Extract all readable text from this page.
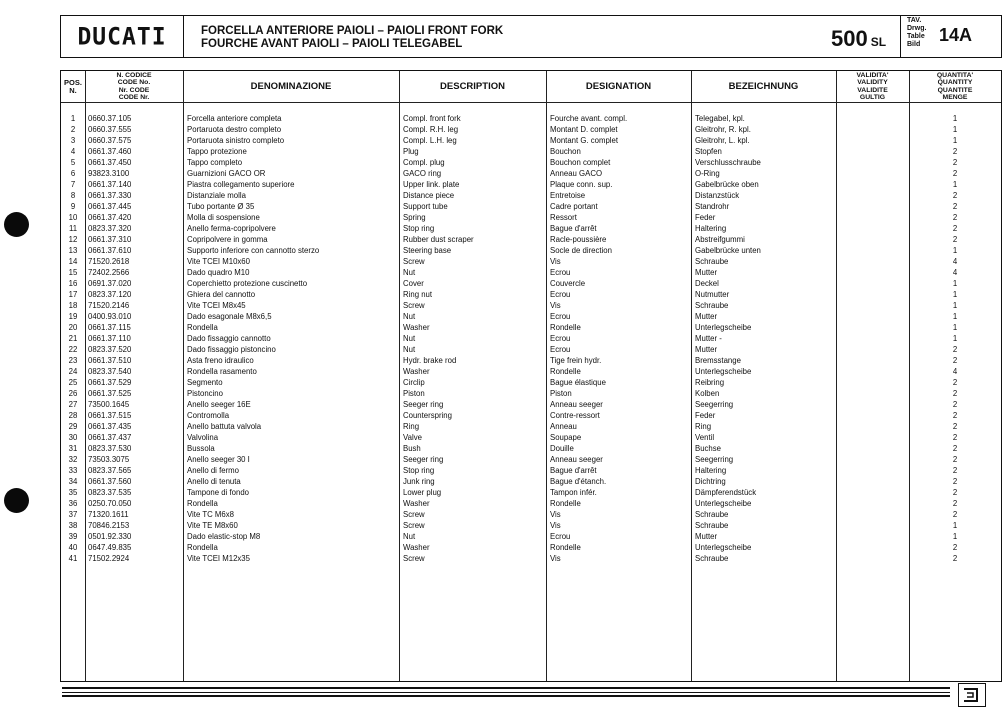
DUCATI	FORCELLA ANTERIORE PAIOLI – PAIOLI FRONT FORK
FOURCHE AVANT PAIOLI – PAIOLI TELEGABEL	500 SL
TAV.
Drwg.
Table
Bild	14A
POS.
N.
N. CODICE
CODE No.
Nr. CODE
CODE Nr.
DENOMINAZIONE	DESCRIPTION	DESIGNATION	BEZEICHNUNG
VALIDITA'
VALIDITY
VALIDITE
GULTIG
QUANTITA'
QUANTITY
QUANTITE
MENGE
1	0660.37.105	Forcella anteriore completa	Compl. front fork	Fourche avant. compl.	Telegabel, kpl.	1
2	0660.37.555	Portaruota destro completo	Compl. R.H. leg	Montant D. complet	Gleitrohr, R. kpl.	1
3	0660.37.575	Portaruota sinistro completo	Compl. L.H. leg	Montant G. complet	Gleitrohr, L. kpl.	1
4	0661.37.460	Tappo protezione	Plug	Bouchon	Stopfen	2
5	0661.37.450	Tappo completo	Compl. plug	Bouchon complet	Verschlusschraube	2
6	93823.3100	Guarnizioni GACO OR	GACO ring	Anneau GACO	O-Ring	2
7	0661.37.140	Piastra collegamento superiore	Upper link. plate	Plaque conn. sup.	Gabelbrücke oben	1
8	0661.37.330	Distanziale molla	Distance piece	Entretoise	Distanzstück	2
9	0661.37.445	Tubo portante Ø 35	Support tube	Cadre portant	Standrohr	2
10	0661.37.420	Molla di sospensione	Spring	Ressort	Feder	2
11	0823.37.320	Anello ferma-copripolvere	Stop ring	Bague d'arrêt	Haltering	2
12	0661.37.310	Copripolvere in gomma	Rubber dust scraper	Racle-poussière	Abstreifgummi	2
13	0661.37.610	Supporto inferiore con cannotto sterzo	Steering base	Socle de direction	Gabelbrücke unten	1
14	71520.2618	Vite TCEI M10x60	Screw	Vis	Schraube	4
15	72402.2566	Dado quadro M10	Nut	Ecrou	Mutter	4
16	0691.37.020	Coperchietto protezione cuscinetto	Cover	Couvercle	Deckel	1
17	0823.37.120	Ghiera del cannotto	Ring nut	Ecrou	Nutmutter	1
18	71520.2146	Vite TCEI M8x45	Screw	Vis	Schraube	1
19	0400.93.010	Dado esagonale M8x6,5	Nut	Ecrou	Mutter	1
20	0661.37.115	Rondella	Washer	Rondelle	Unterlegscheibe	1
21	0661.37.110	Dado fissaggio cannotto	Nut	Ecrou	Mutter -	1
22	0823.37.520	Dado fissaggio pistoncino	Nut	Ecrou	Mutter	2
23	0661.37.510	Asta freno idraulico	Hydr. brake rod	Tige frein hydr.	Bremsstange	2
24	0823.37.540	Rondella rasamento	Washer	Rondelle	Unterlegscheibe	4
25	0661.37.529	Segmento	Circlip	Bague élastique	Reibring	2
26	0661.37.525	Pistoncino	Piston	Piston	Kolben	2
27	73500.1645	Anello seeger 16E	Seeger ring	Anneau seeger	Seegerring	2
28	0661.37.515	Contromolla	Counterspring	Contre-ressort	Feder	2
29	0661.37.435	Anello battuta valvola	Ring	Anneau	Ring	2
30	0661.37.437	Valvolina	Valve	Soupape	Ventil	2
31	0823.37.530	Bussola	Bush	Douille	Buchse	2
32	73503.3075	Anello seeger 30 I	Seeger ring	Anneau seeger	Seegerring	2
33	0823.37.565	Anello di fermo	Stop ring	Bague d'arrêt	Haltering	2
34	0661.37.560	Anello di tenuta	Junk ring	Bague d'étanch.	Dichtring	2
35	0823.37.535	Tampone di fondo	Lower plug	Tampon infér.	Dämpferendstück	2
36	0250.70.050	Rondella	Washer	Rondelle	Unterlegscheibe	2
37	71320.1611	Vite TC M6x8	Screw	Vis	Schraube	2
38	70846.2153	Vite TE M8x60	Screw	Vis	Schraube	1
39	0501.92.330	Dado elastic-stop M8	Nut	Ecrou	Mutter	1
40	0647.49.835	Rondella	Washer	Rondelle	Unterlegscheibe	2
41	71502.2924	Vite TCEI M12x35	Screw	Vis	Schraube	2
